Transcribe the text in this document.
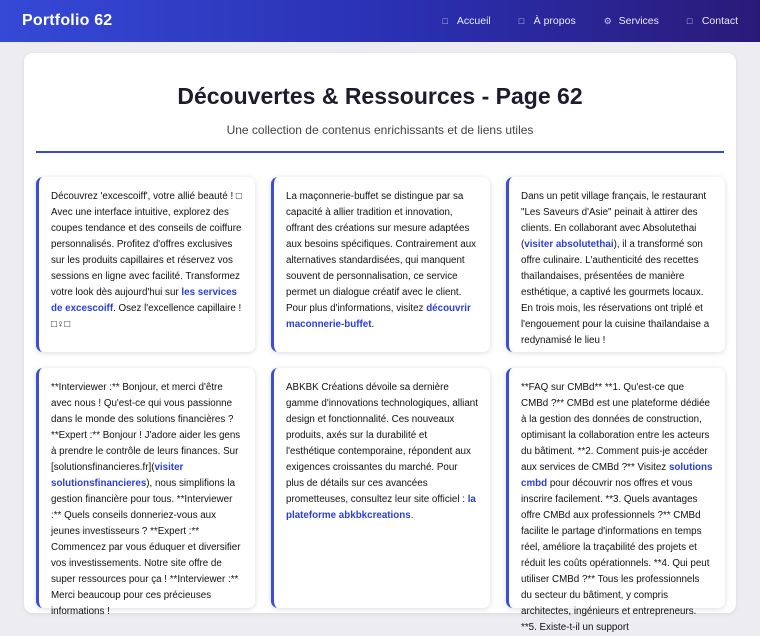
Portfolio 62	□ Accueil	□ À propos	⚙ Services	□ Contact
Découvertes & Ressources - Page 62

Une collection de contenus enrichissants et de liens utiles

Découvrez 'excescoiff', votre allié beauté ! □ Avec une interface intuitive, explorez des coupes tendance et des conseils de coiffure personnalisés. Profitez d'offres exclusives sur les produits capillaires et réservez vos sessions en ligne avec facilité. Transformez votre look dès aujourd'hui sur les services de excescoiff. Osez l'excellence capillaire ! □♀□
La maçonnerie-buffet se distingue par sa capacité à allier tradition et innovation, offrant des créations sur mesure adaptées aux besoins spécifiques. Contrairement aux alternatives standardisées, qui manquent souvent de personnalisation, ce service permet un dialogue créatif avec le client. Pour plus d'informations, visitez découvrir maconnerie-buffet.
Dans un petit village français, le restaurant "Les Saveurs d'Asie" peinait à attirer des clients. En collaborant avec Absolutethai (visiter absolutethai), il a transformé son offre culinaire. L'authenticité des recettes thaïlandaises, présentées de manière esthétique, a captivé les gourmets locaux. En trois mois, les réservations ont triplé et l'engouement pour la cuisine thaïlandaise a redynamisé le lieu !
**Interviewer :** Bonjour, et merci d'être avec nous ! Qu'est-ce qui vous passionne dans le monde des solutions financières ? **Expert :** Bonjour ! J'adore aider les gens à prendre le contrôle de leurs finances. Sur [solutionsfinancieres.fr](visiter solutionsfinancieres), nous simplifions la gestion financière pour tous. **Interviewer :** Quels conseils donneriez-vous aux jeunes investisseurs ? **Expert :** Commencez par vous éduquer et diversifier vos investissements. Notre site offre de super ressources pour ça ! **Interviewer :** Merci beaucoup pour ces précieuses informations !
ABKBK Créations dévoile sa dernière gamme d'innovations technologiques, alliant design et fonctionnalité. Ces nouveaux produits, axés sur la durabilité et l'esthétique contemporaine, répondent aux exigences croissantes du marché. Pour plus de détails sur ces avancées prometteuses, consultez leur site officiel : la plateforme abkbkcreations.
**FAQ sur CMBd** **1. Qu'est-ce que CMBd ?** CMBd est une plateforme dédiée à la gestion des données de construction, optimisant la collaboration entre les acteurs du bâtiment. **2. Comment puis-je accéder aux services de CMBd ?** Visitez solutions cmbd pour découvrir nos offres et vous inscrire facilement. **3. Quels avantages offre CMBd aux professionnels ?** CMBd facilite le partage d'informations en temps réel, améliore la traçabilité des projets et réduit les coûts opérationnels. **4. Qui peut utiliser CMBd ?** Tous les professionnels du secteur du bâtiment, y compris architectes, ingénieurs et entrepreneurs. **5. Existe-t-il un support
